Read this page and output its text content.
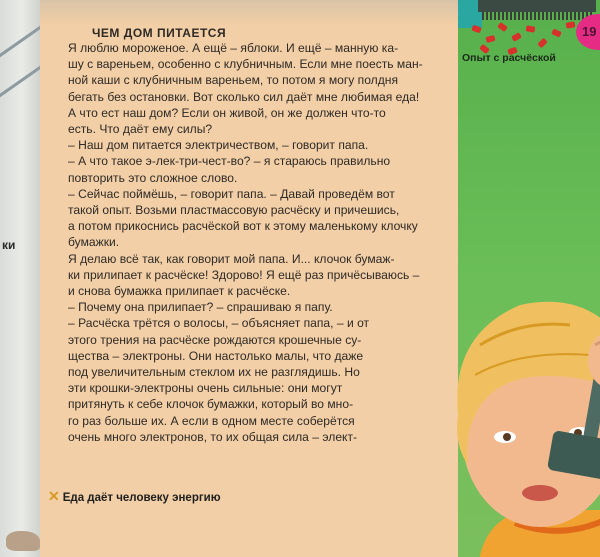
ки
19
Опыт с расчёской
ЧЕМ ДОМ ПИТАЕТСЯ
Я люблю мороженое. А ещё – яблоки. И ещё – манную ка-
шу с вареньем, особенно с клубничным. Если мне поесть ман-
ной каши с клубничным вареньем, то потом я могу полдня
бегать без остановки. Вот сколько сил даёт мне любимая еда!
А что ест наш дом? Если он живой, он же должен что-то
есть. Что даёт ему силы?
– Наш дом питается электричеством, – говорит папа.
– А что такое э-лек-три-чест-во? – я стараюсь правильно
повторить это сложное слово.
– Сейчас поймёшь, – говорит папа. – Давай проведём вот
такой опыт. Возьми пластмассовую расчёску и причешись,
а потом прикоснись расчёской вот к этому маленькому клочку
бумажки.
Я делаю всё так, как говорит мой папа. И... клочок бумаж-
ки прилипает к расчёске! Здорово! Я ещё раз причёсываюсь –
и снова бумажка прилипает к расчёске.
– Почему она прилипает? – спрашиваю я папу.
– Расчёска трётся о волосы, – объясняет папа, – и от
этого трения на расчёске рождаются крошечные су-
щества – электроны. Они настолько малы, что даже
под увеличительным стеклом их не разглядишь. Но
эти крошки-электроны очень сильные: они могут
притянуть к себе клочок бумажки, который во мно-
го раз больше их. А если в одном месте соберётся
очень много электронов, то их общая сила – элект-
✕ Еда даёт человеку энергию
